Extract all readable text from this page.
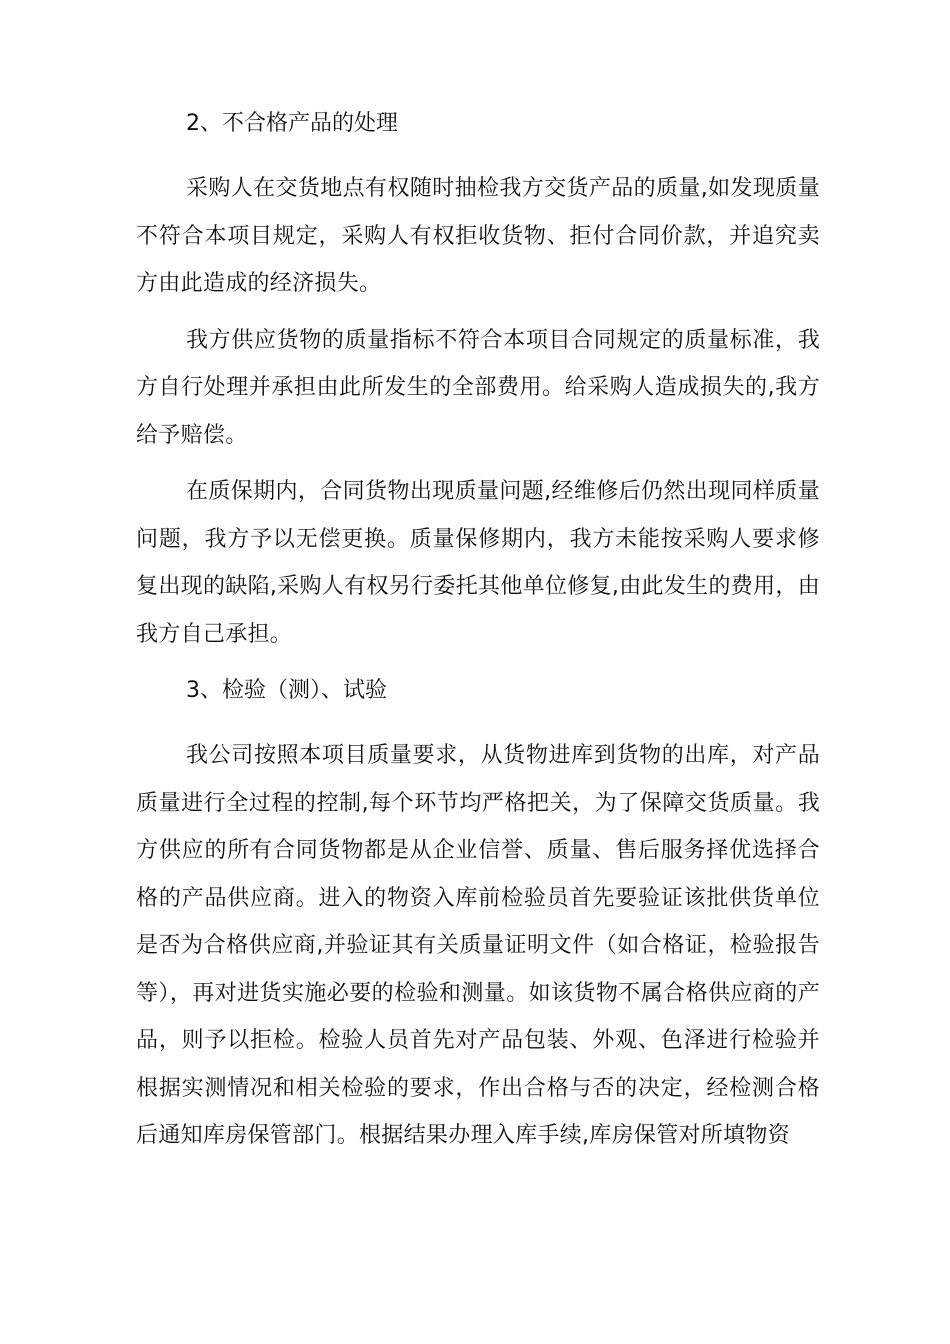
2、不合格产品的处理

采购人在交货地点有权随时抽检我方交货产品的质量,如发现质量不符合本项目规定，采购人有权拒收货物、拒付合同价款，并追究卖方由此造成的经济损失。

我方供应货物的质量指标不符合本项目合同规定的质量标准，我方自行处理并承担由此所发生的全部费用。给采购人造成损失的,我方给予赔偿。

在质保期内，合同货物出现质量问题,经维修后仍然出现同样质量问题，我方予以无偿更换。质量保修期内，我方未能按采购人要求修复出现的缺陷,采购人有权另行委托其他单位修复,由此发生的费用，由我方自己承担。

3、检验（测）、试验

我公司按照本项目质量要求，从货物进库到货物的出库，对产品质量进行全过程的控制,每个环节均严格把关，为了保障交货质量。我方供应的所有合同货物都是从企业信誉、质量、售后服务择优选择合格的产品供应商。进入的物资入库前检验员首先要验证该批供货单位是否为合格供应商,并验证其有关质量证明文件（如合格证，检验报告等），再对进货实施必要的检验和测量。如该货物不属合格供应商的产品，则予以拒检。检验人员首先对产品包装、外观、色泽进行检验并根据实测情况和相关检验的要求，作出合格与否的决定，经检测合格后通知库房保管部门。根据结果办理入库手续,库房保管对所填物资
